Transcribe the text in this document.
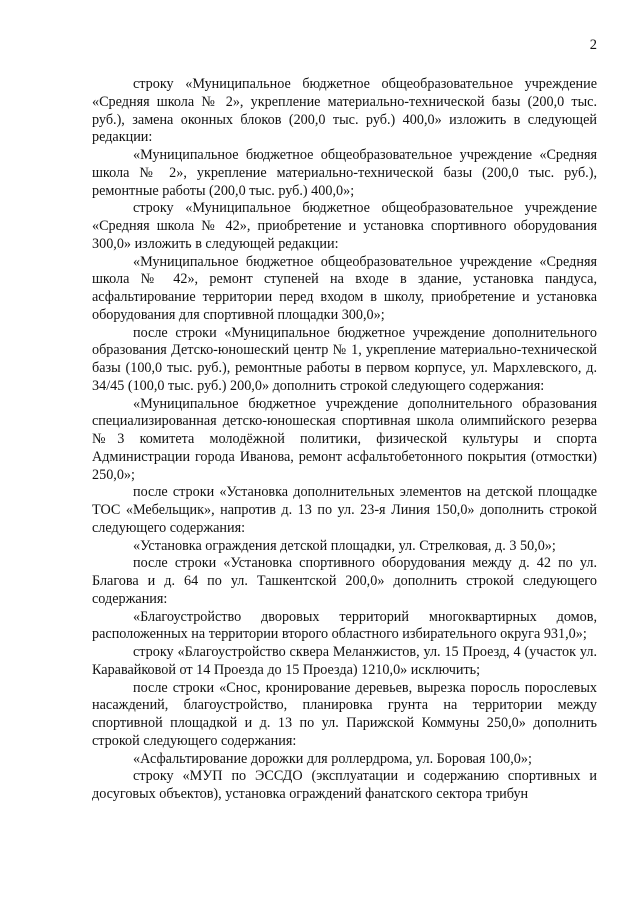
2

строку «Муниципальное бюджетное общеобразовательное учреждение «Средняя школа № 2», укрепление материально-технической базы (200,0 тыс. руб.), замена оконных блоков (200,0 тыс. руб.) 400,0» изложить в следующей редакции:

«Муниципальное бюджетное общеобразовательное учреждение «Средняя школа № 2», укрепление материально-технической базы (200,0 тыс. руб.), ремонтные работы (200,0 тыс. руб.) 400,0»;

строку «Муниципальное бюджетное общеобразовательное учреждение «Средняя школа № 42», приобретение и установка спортивного оборудования 300,0» изложить в следующей редакции:

«Муниципальное бюджетное общеобразовательное учреждение «Средняя школа № 42», ремонт ступеней на входе в здание, установка пандуса, асфальтирование территории перед входом в школу, приобретение и установка оборудования для спортивной площадки 300,0»;

после строки «Муниципальное бюджетное учреждение дополнительного образования Детско-юношеский центр № 1, укрепление материально-технической базы (100,0 тыс. руб.), ремонтные работы в первом корпусе, ул. Мархлевского, д. 34/45 (100,0 тыс. руб.) 200,0» дополнить строкой следующего содержания:

«Муниципальное бюджетное учреждение дополнительного образования специализированная детско-юношеская спортивная школа олимпийского резерва №3 комитета молодёжной политики, физической культуры и спорта Администрации города Иванова, ремонт асфальтобетонного покрытия (отмостки) 250,0»;

после строки «Установка дополнительных элементов на детской площадке ТОС «Мебельщик», напротив д. 13 по ул. 23-я Линия 150,0» дополнить строкой следующего содержания:

«Установка ограждения детской площадки, ул. Стрелковая, д. 3 50,0»;

после строки «Установка спортивного оборудования между д. 42 по ул. Благова и д. 64 по ул. Ташкентской 200,0» дополнить строкой следующего содержания:

«Благоустройство дворовых территорий многоквартирных домов, расположенных на территории второго областного избирательного округа 931,0»;

строку «Благоустройство сквера Меланжистов, ул. 15 Проезд, 4 (участок ул. Каравайковой от 14 Проезда до 15 Проезда) 1210,0» исключить;

после строки «Снос, кронирование деревьев, вырезка поросль порослевых насаждений, благоустройство, планировка грунта на территории между спортивной площадкой и д. 13 по ул. Парижской Коммуны 250,0» дополнить строкой следующего содержания:

«Асфальтирование дорожки для роллердрома, ул. Боровая 100,0»;

строку «МУП по ЭССДО (эксплуатации и содержанию спортивных и досуговых объектов), установка ограждений фанатского сектора трибун
